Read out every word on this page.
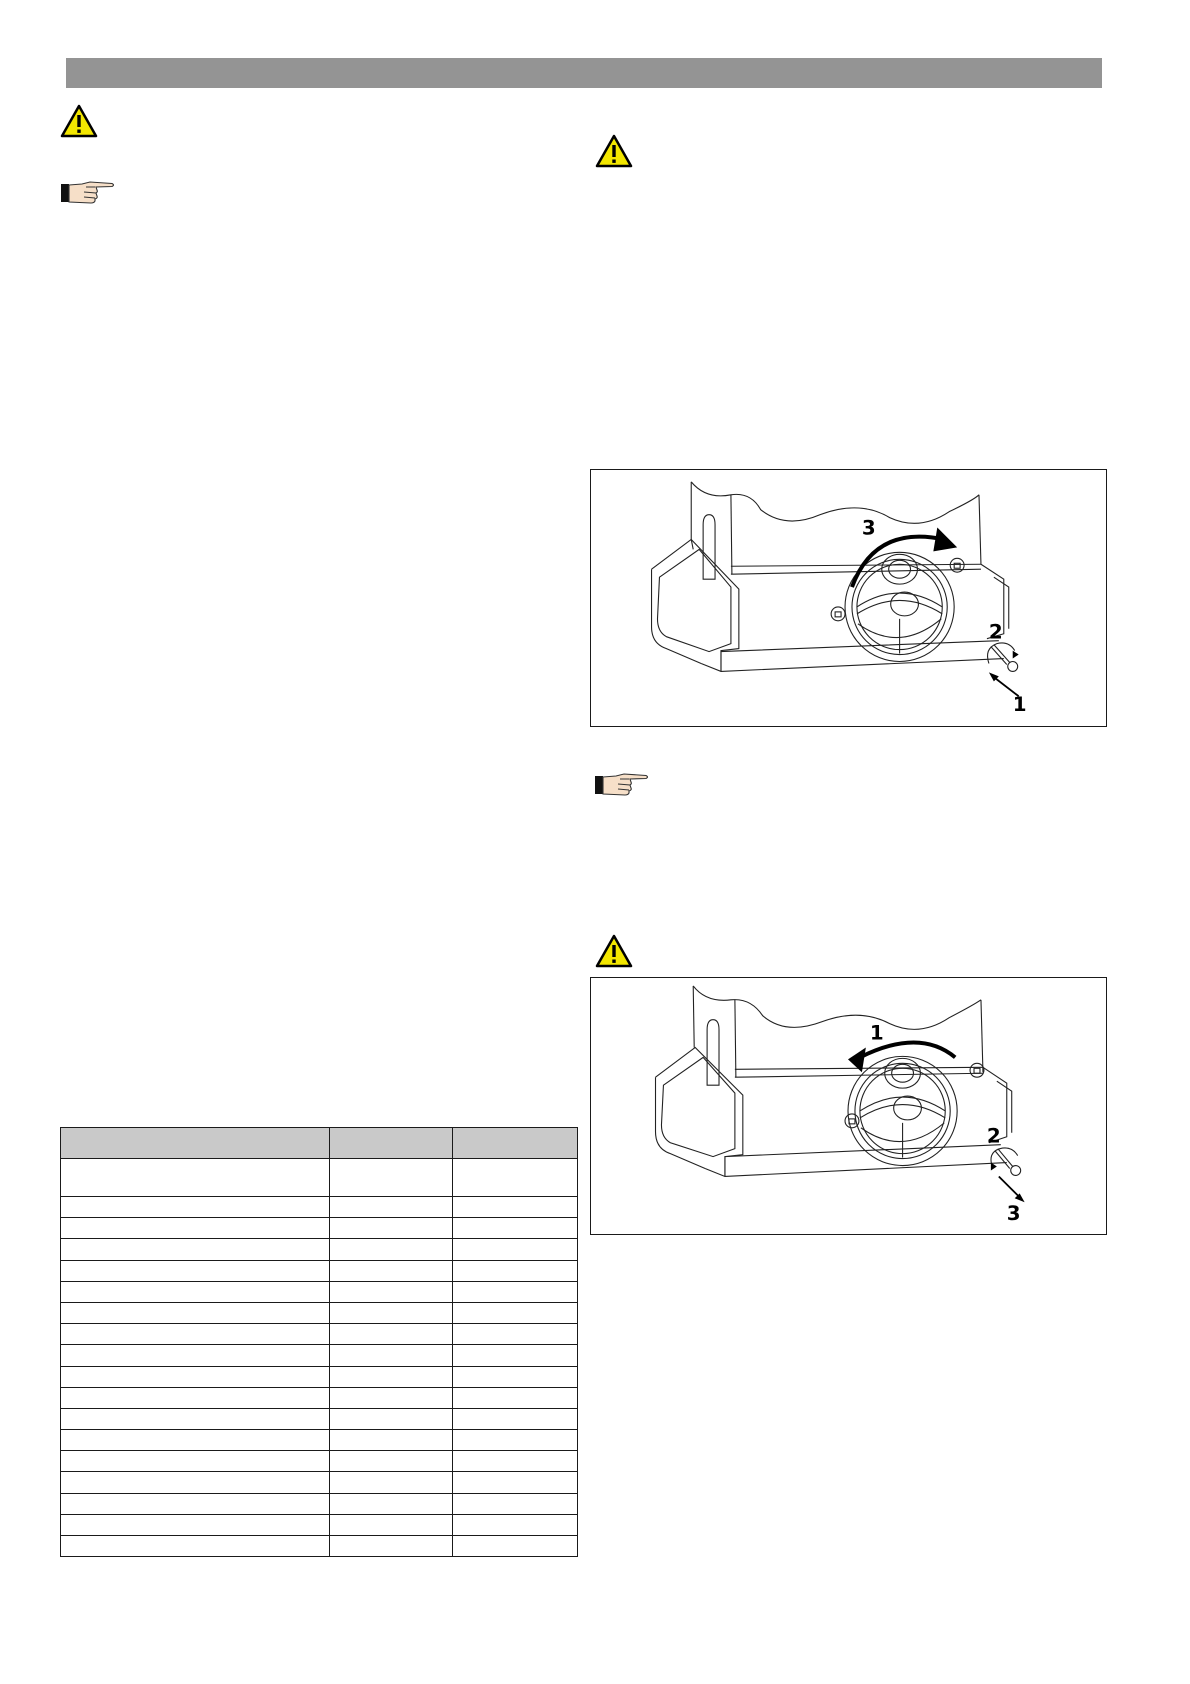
3
2
1
1
2
3
